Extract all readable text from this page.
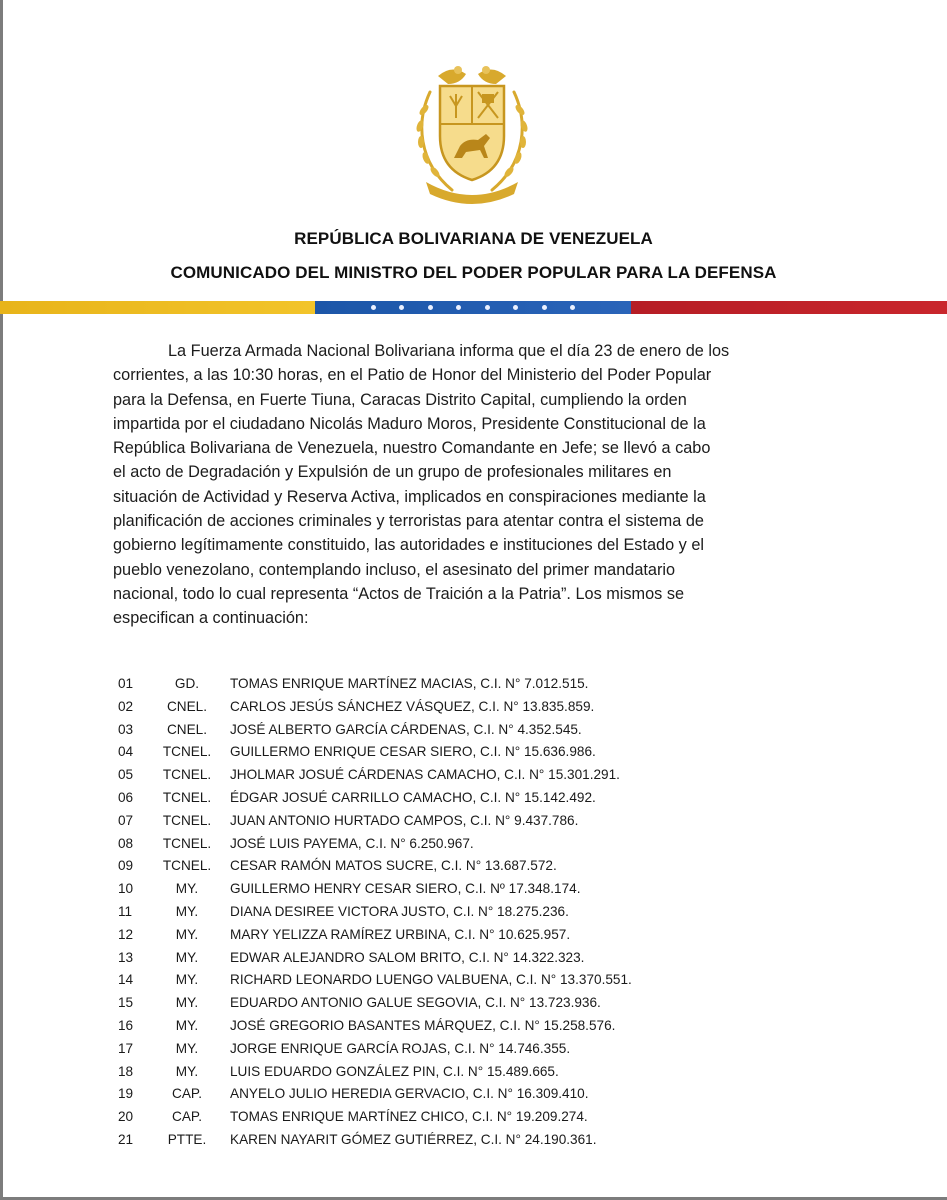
REPÚBLICA BOLIVARIANA DE VENEZUELA
COMUNICADO DEL MINISTRO DEL PODER POPULAR PARA LA DEFENSA
La Fuerza Armada Nacional Bolivariana informa que el día 23 de enero de los
corrientes, a las 10:30 horas, en el Patio de Honor del Ministerio del Poder Popular
para la Defensa, en Fuerte Tiuna, Caracas Distrito Capital, cumpliendo la orden
impartida por el ciudadano Nicolás Maduro Moros, Presidente Constitucional de la
República Bolivariana de Venezuela, nuestro Comandante en Jefe; se llevó a cabo
el acto de Degradación y Expulsión de un grupo de profesionales militares en
situación de Actividad y Reserva Activa, implicados en conspiraciones mediante la
planificación de acciones criminales y terroristas para atentar contra el sistema de
gobierno legítimamente constituido, las autoridades e instituciones del Estado y el
pueblo venezolano, contemplando incluso, el asesinato del primer mandatario
nacional, todo lo cual representa “Actos de Traición a la Patria”. Los mismos se
especifican a continuación:
01	GD.	TOMAS ENRIQUE MARTÍNEZ MACIAS, C.I. N° 7.012.515.
02	CNEL.	CARLOS JESÚS SÁNCHEZ VÁSQUEZ, C.I. N° 13.835.859.
03	CNEL.	JOSÉ ALBERTO GARCÍA CÁRDENAS, C.I. N° 4.352.545.
04	TCNEL.	GUILLERMO ENRIQUE CESAR SIERO, C.I. N° 15.636.986.
05	TCNEL.	JHOLMAR JOSUÉ CÁRDENAS CAMACHO, C.I. N° 15.301.291.
06	TCNEL.	ÉDGAR JOSUÉ CARRILLO CAMACHO, C.I. N° 15.142.492.
07	TCNEL.	JUAN ANTONIO HURTADO CAMPOS, C.I. N° 9.437.786.
08	TCNEL.	JOSÉ LUIS PAYEMA, C.I. N° 6.250.967.
09	TCNEL.	CESAR RAMÓN MATOS SUCRE, C.I. N° 13.687.572.
10	MY.	GUILLERMO HENRY CESAR SIERO, C.I. Nº 17.348.174.
11	MY.	DIANA DESIREE VICTORA JUSTO, C.I. N° 18.275.236.
12	MY.	MARY YELIZZA RAMÍREZ URBINA, C.I. N° 10.625.957.
13	MY.	EDWAR ALEJANDRO SALOM BRITO, C.I. N° 14.322.323.
14	MY.	RICHARD LEONARDO LUENGO VALBUENA, C.I. N° 13.370.551.
15	MY.	EDUARDO ANTONIO GALUE SEGOVIA, C.I. N° 13.723.936.
16	MY.	JOSÉ GREGORIO BASANTES MÁRQUEZ, C.I. N° 15.258.576.
17	MY.	JORGE ENRIQUE GARCÍA ROJAS, C.I. N° 14.746.355.
18	MY.	LUIS EDUARDO GONZÁLEZ PIN, C.I. N° 15.489.665.
19	CAP.	ANYELO JULIO HEREDIA GERVACIO, C.I. N° 16.309.410.
20	CAP.	TOMAS ENRIQUE MARTÍNEZ CHICO, C.I. N° 19.209.274.
21	PTTE.	KAREN NAYARIT GÓMEZ GUTIÉRREZ, C.I. N° 24.190.361.
